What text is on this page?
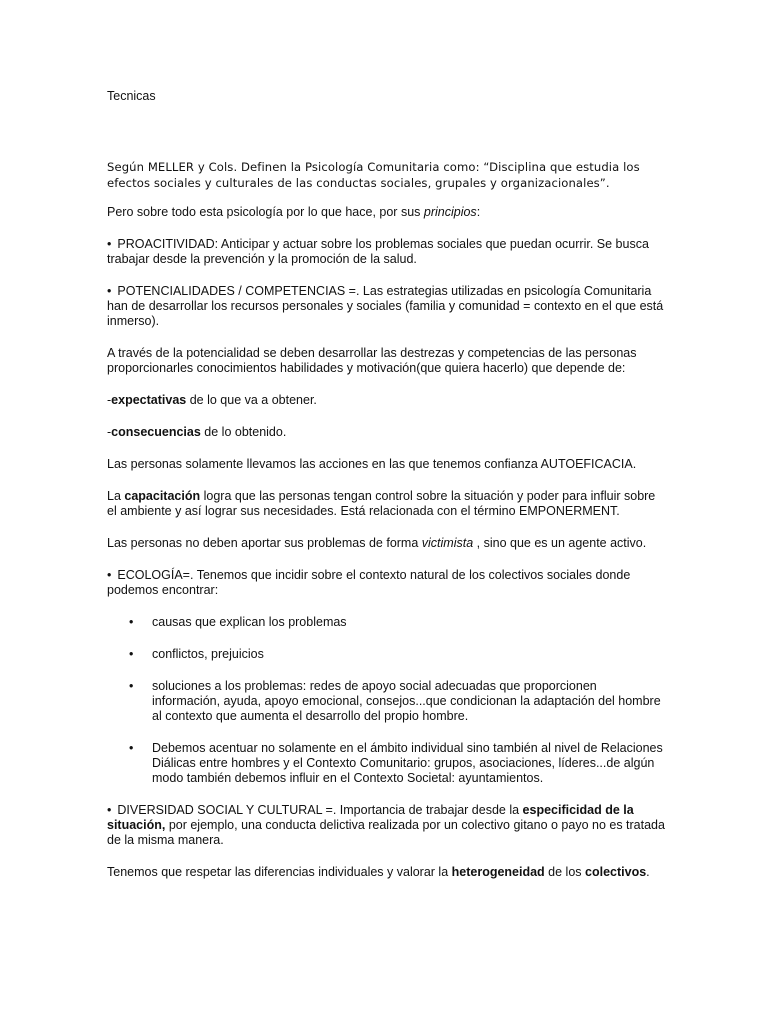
Tecnicas

Según MELLER y Cols. Definen la Psicología Comunitaria como: “Disciplina que estudia los efectos sociales y culturales de las conductas sociales, grupales y organizacionales”.

Pero sobre todo esta psicología por lo que hace, por sus principios:

• PROACITIVIDAD: Anticipar y actuar sobre los problemas sociales que puedan ocurrir. Se busca trabajar desde la prevención y la promoción de la salud.

• POTENCIALIDADES / COMPETENCIAS =. Las estrategias utilizadas en psicología Comunitaria han de desarrollar los recursos personales y sociales (familia y comunidad = contexto en el que está inmerso).

A través de la potencialidad se deben desarrollar las destrezas y competencias de las personas proporcionarles conocimientos habilidades y motivación(que quiera hacerlo) que depende de:

-expectativas de lo que va a obtener.

-consecuencias de lo obtenido.

Las personas solamente llevamos las acciones en las que tenemos confianza AUTOEFICACIA.

La capacitación logra que las personas tengan control sobre la situación y poder para influir sobre el ambiente y así lograr sus necesidades. Está relacionada con el término EMPONERMENT.

Las personas no deben aportar sus problemas de forma victimista , sino que es un agente activo.

• ECOLOGÍA=. Tenemos que incidir sobre el contexto natural de los colectivos sociales donde podemos encontrar:

• causas que explican los problemas
• conflictos, prejuicios
• soluciones a los problemas: redes de apoyo social adecuadas que proporcionen información, ayuda, apoyo emocional, consejos...que condicionan la adaptación del hombre al contexto que aumenta el desarrollo del propio hombre.
• Debemos acentuar no solamente en el ámbito individual sino también al nivel de Relaciones Diálicas entre hombres y el Contexto Comunitario: grupos, asociaciones, líderes...de algún modo también debemos influir en el Contexto Societal: ayuntamientos.

• DIVERSIDAD SOCIAL Y CULTURAL =. Importancia de trabajar desde la especificidad de la situación, por ejemplo, una conducta delictiva realizada por un colectivo gitano o payo no es tratada de la misma manera.

Tenemos que respetar las diferencias individuales y valorar la heterogeneidad de los colectivos.
